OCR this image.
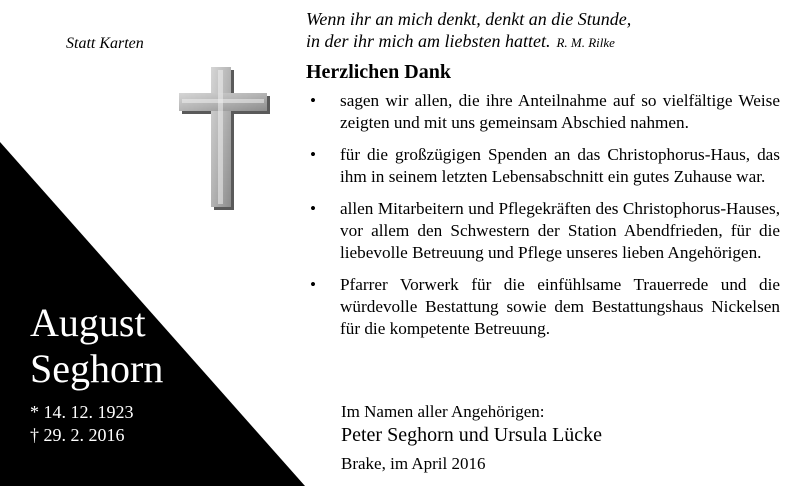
Statt Karten
Wenn ihr an mich denkt, denkt an die Stunde,
in der ihr mich am liebsten hattet. R. M. Rilke
Herzlichen Dank
• sagen wir allen, die ihre Anteilnahme auf so vielfältige Weise zeigten und mit uns gemeinsam Abschied nahmen.
• für die großzügigen Spenden an das Christophorus-Haus, das ihm in seinem letzten Lebensabschnitt ein gutes Zuhause war.
• allen Mitarbeitern und Pflegekräften des Christophorus-Hauses, vor allem den Schwestern der Station Abendfrieden, für die liebevolle Betreuung und Pflege unseres lieben Angehörigen.
• Pfarrer Vorwerk für die einfühlsame Trauerrede und die würdevolle Bestattung sowie dem Bestattungshaus Nickelsen für die kompetente Betreuung.
Im Namen aller Angehörigen:
Peter Seghorn und Ursula Lücke
Brake, im April 2016
August
Seghorn
* 14. 12. 1923
† 29. 2. 2016
